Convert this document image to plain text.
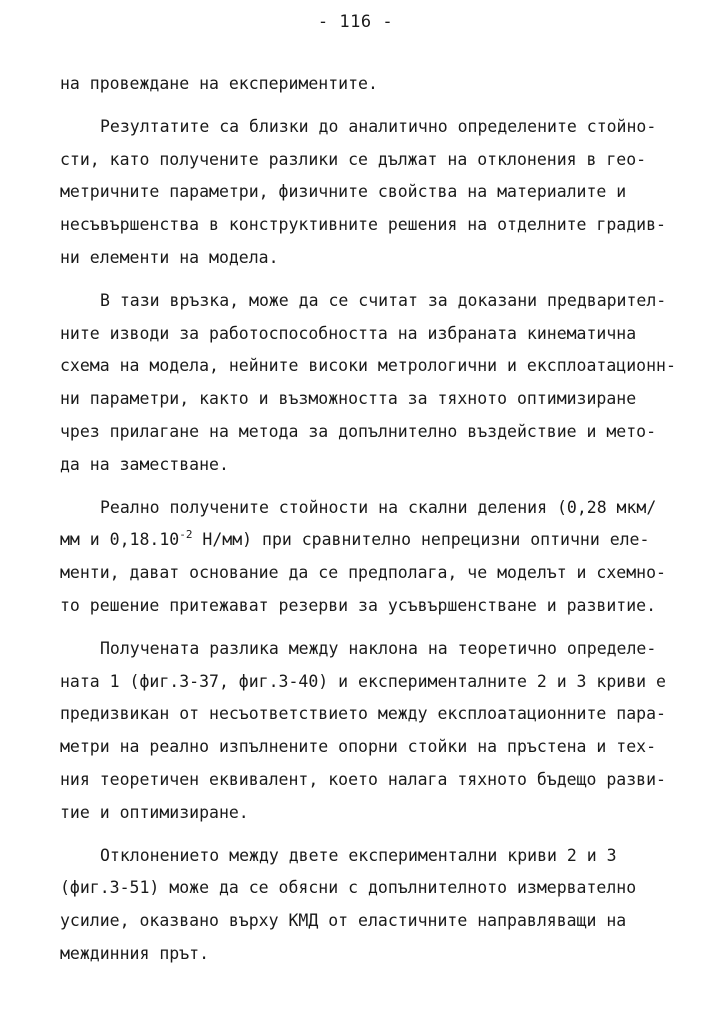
- 116 -

на провеждане на експериментите.

Резултатите са близки до аналитично определените стойно-
сти, като получените разлики се дължат на отклонения в гео-
метричните параметри, физичните свойства на материалите и
несъвършенства в конструктивните решения на отделните градив-
ни елементи на модела.

В тази връзка, може да се считат за доказани предварител-
ните изводи за работоспособността на избраната кинематична
схема на модела, нейните високи метрологични и експлоатационн-
ни параметри, както и възможността за тяхното оптимизиране
чрез прилагане на метода за допълнително въздействие и мето-
да на заместване.

Реално получените стойности на скални деления (0,28 мкм/
мм и $0,18.10^{-2}$ Н/мм) при сравнително непрецизни оптични еле-
менти, дават основание да се предполага, че моделът и схемно-
то решение притежават резерви за усъвършенстване и развитие.

Получената разлика между наклона на теоретично определе-
ната 1 (фиг.3-37, фиг.3-40) и експерименталните 2 и 3 криви е
предизвикан от несъответствието между експлоатационните пара-
метри на реално изпълнените опорни стойки на пръстена и тех-
ния теоретичен еквивалент, което налага тяхното бъдещо разви-
тие и оптимизиране.

Отклонението между двете експериментални криви 2 и 3
(фиг.3-51) може да се обясни с допълнителното измервателно
усилие, оказвано върху КМД от еластичните направляващи на
междинния прът.
